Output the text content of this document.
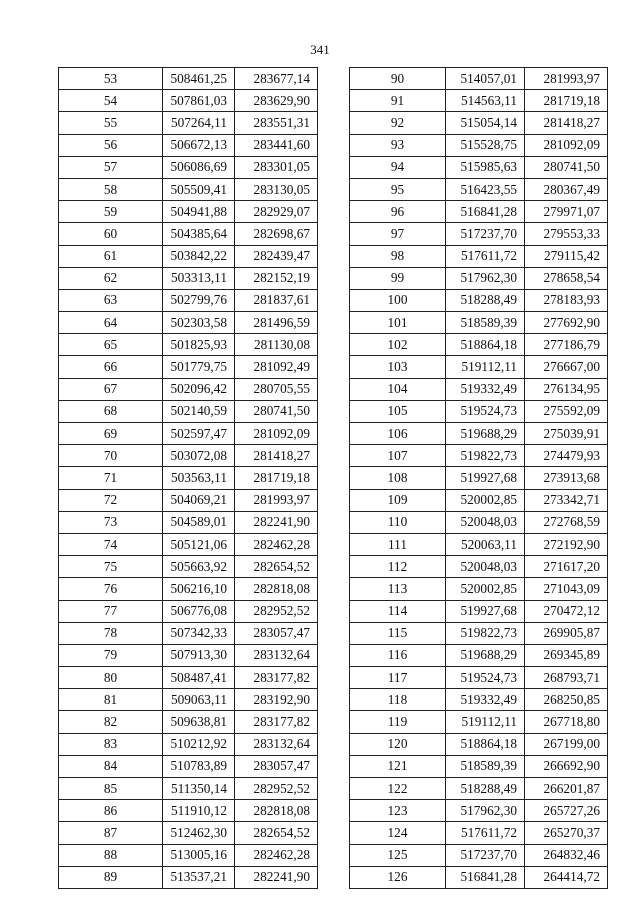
341
53	508461,25	283677,14
54	507861,03	283629,90
55	507264,11	283551,31
56	506672,13	283441,60
57	506086,69	283301,05
58	505509,41	283130,05
59	504941,88	282929,07
60	504385,64	282698,67
61	503842,22	282439,47
62	503313,11	282152,19
63	502799,76	281837,61
64	502303,58	281496,59
65	501825,93	281130,08
66	501779,75	281092,49
67	502096,42	280705,55
68	502140,59	280741,50
69	502597,47	281092,09
70	503072,08	281418,27
71	503563,11	281719,18
72	504069,21	281993,97
73	504589,01	282241,90
74	505121,06	282462,28
75	505663,92	282654,52
76	506216,10	282818,08
77	506776,08	282952,52
78	507342,33	283057,47
79	507913,30	283132,64
80	508487,41	283177,82
81	509063,11	283192,90
82	509638,81	283177,82
83	510212,92	283132,64
84	510783,89	283057,47
85	511350,14	282952,52
86	511910,12	282818,08
87	512462,30	282654,52
88	513005,16	282462,28
89	513537,21	282241,90
90	514057,01	281993,97
91	514563,11	281719,18
92	515054,14	281418,27
93	515528,75	281092,09
94	515985,63	280741,50
95	516423,55	280367,49
96	516841,28	279971,07
97	517237,70	279553,33
98	517611,72	279115,42
99	517962,30	278658,54
100	518288,49	278183,93
101	518589,39	277692,90
102	518864,18	277186,79
103	519112,11	276667,00
104	519332,49	276134,95
105	519524,73	275592,09
106	519688,29	275039,91
107	519822,73	274479,93
108	519927,68	273913,68
109	520002,85	273342,71
110	520048,03	272768,59
111	520063,11	272192,90
112	520048,03	271617,20
113	520002,85	271043,09
114	519927,68	270472,12
115	519822,73	269905,87
116	519688,29	269345,89
117	519524,73	268793,71
118	519332,49	268250,85
119	519112,11	267718,80
120	518864,18	267199,00
121	518589,39	266692,90
122	518288,49	266201,87
123	517962,30	265727,26
124	517611,72	265270,37
125	517237,70	264832,46
126	516841,28	264414,72
